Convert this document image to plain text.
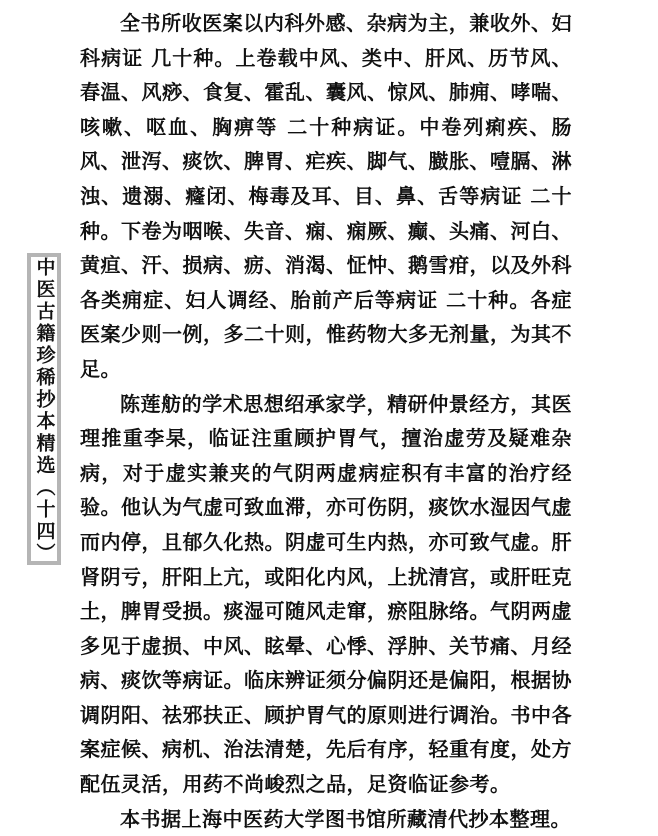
中医古籍珍稀抄本精选（十四）

全书所收医案以内科外感、杂病为主，兼收外、妇科病证 几十种。上卷载中风、类中、肝风、历节风、春温、风痧、食复、霍乱、囊风、惊风、肺痈、哮喘、咳嗽、呕血、胸痹等 二十种病证。中卷列痢疾、肠风、泄泻、痰饮、脾胃、疟疾、脚气、臌胀、噎膈、淋浊、遗溺、癃闭、梅毒及耳、目、鼻、舌等病证 二十种。下卷为咽喉、失音、痫、痫厥、癫、头痛、河白、黄疸、汗、损病、疬、消渴、怔忡、鹅雪疳，以及外科各类痈症、妇人调经、胎前产后等病证 二十种。各症医案少则一例，多二十则，惟药物大多无剂量，为其不足。

陈莲舫的学术思想绍承家学，精研仲景经方，其医理推重李杲，临证注重顾护胃气，擅治虚劳及疑难杂病，对于虚实兼夹的气阴两虚病症积有丰富的治疗经验。他认为气虚可致血滞，亦可伤阴，痰饮水湿因气虚而内停，且郁久化热。阴虚可生内热，亦可致气虚。肝肾阴亏，肝阳上亢，或阳化内风，上扰清宫，或肝旺克土，脾胃受损。痰湿可随风走窜，瘀阻脉络。气阴两虚多见于虚损、中风、眩晕、心悸、浮肿、关节痛、月经病、痰饮等病证。临床辨证须分偏阴还是偏阳，根据协调阴阳、祛邪扶正、顾护胃气的原则进行调治。书中各案症候、病机、治法清楚，先后有序，轻重有度，处方配伍灵活，用药不尚峻烈之品，足资临证参考。

本书据上海中医药大学图书馆所藏清代抄本整理。
